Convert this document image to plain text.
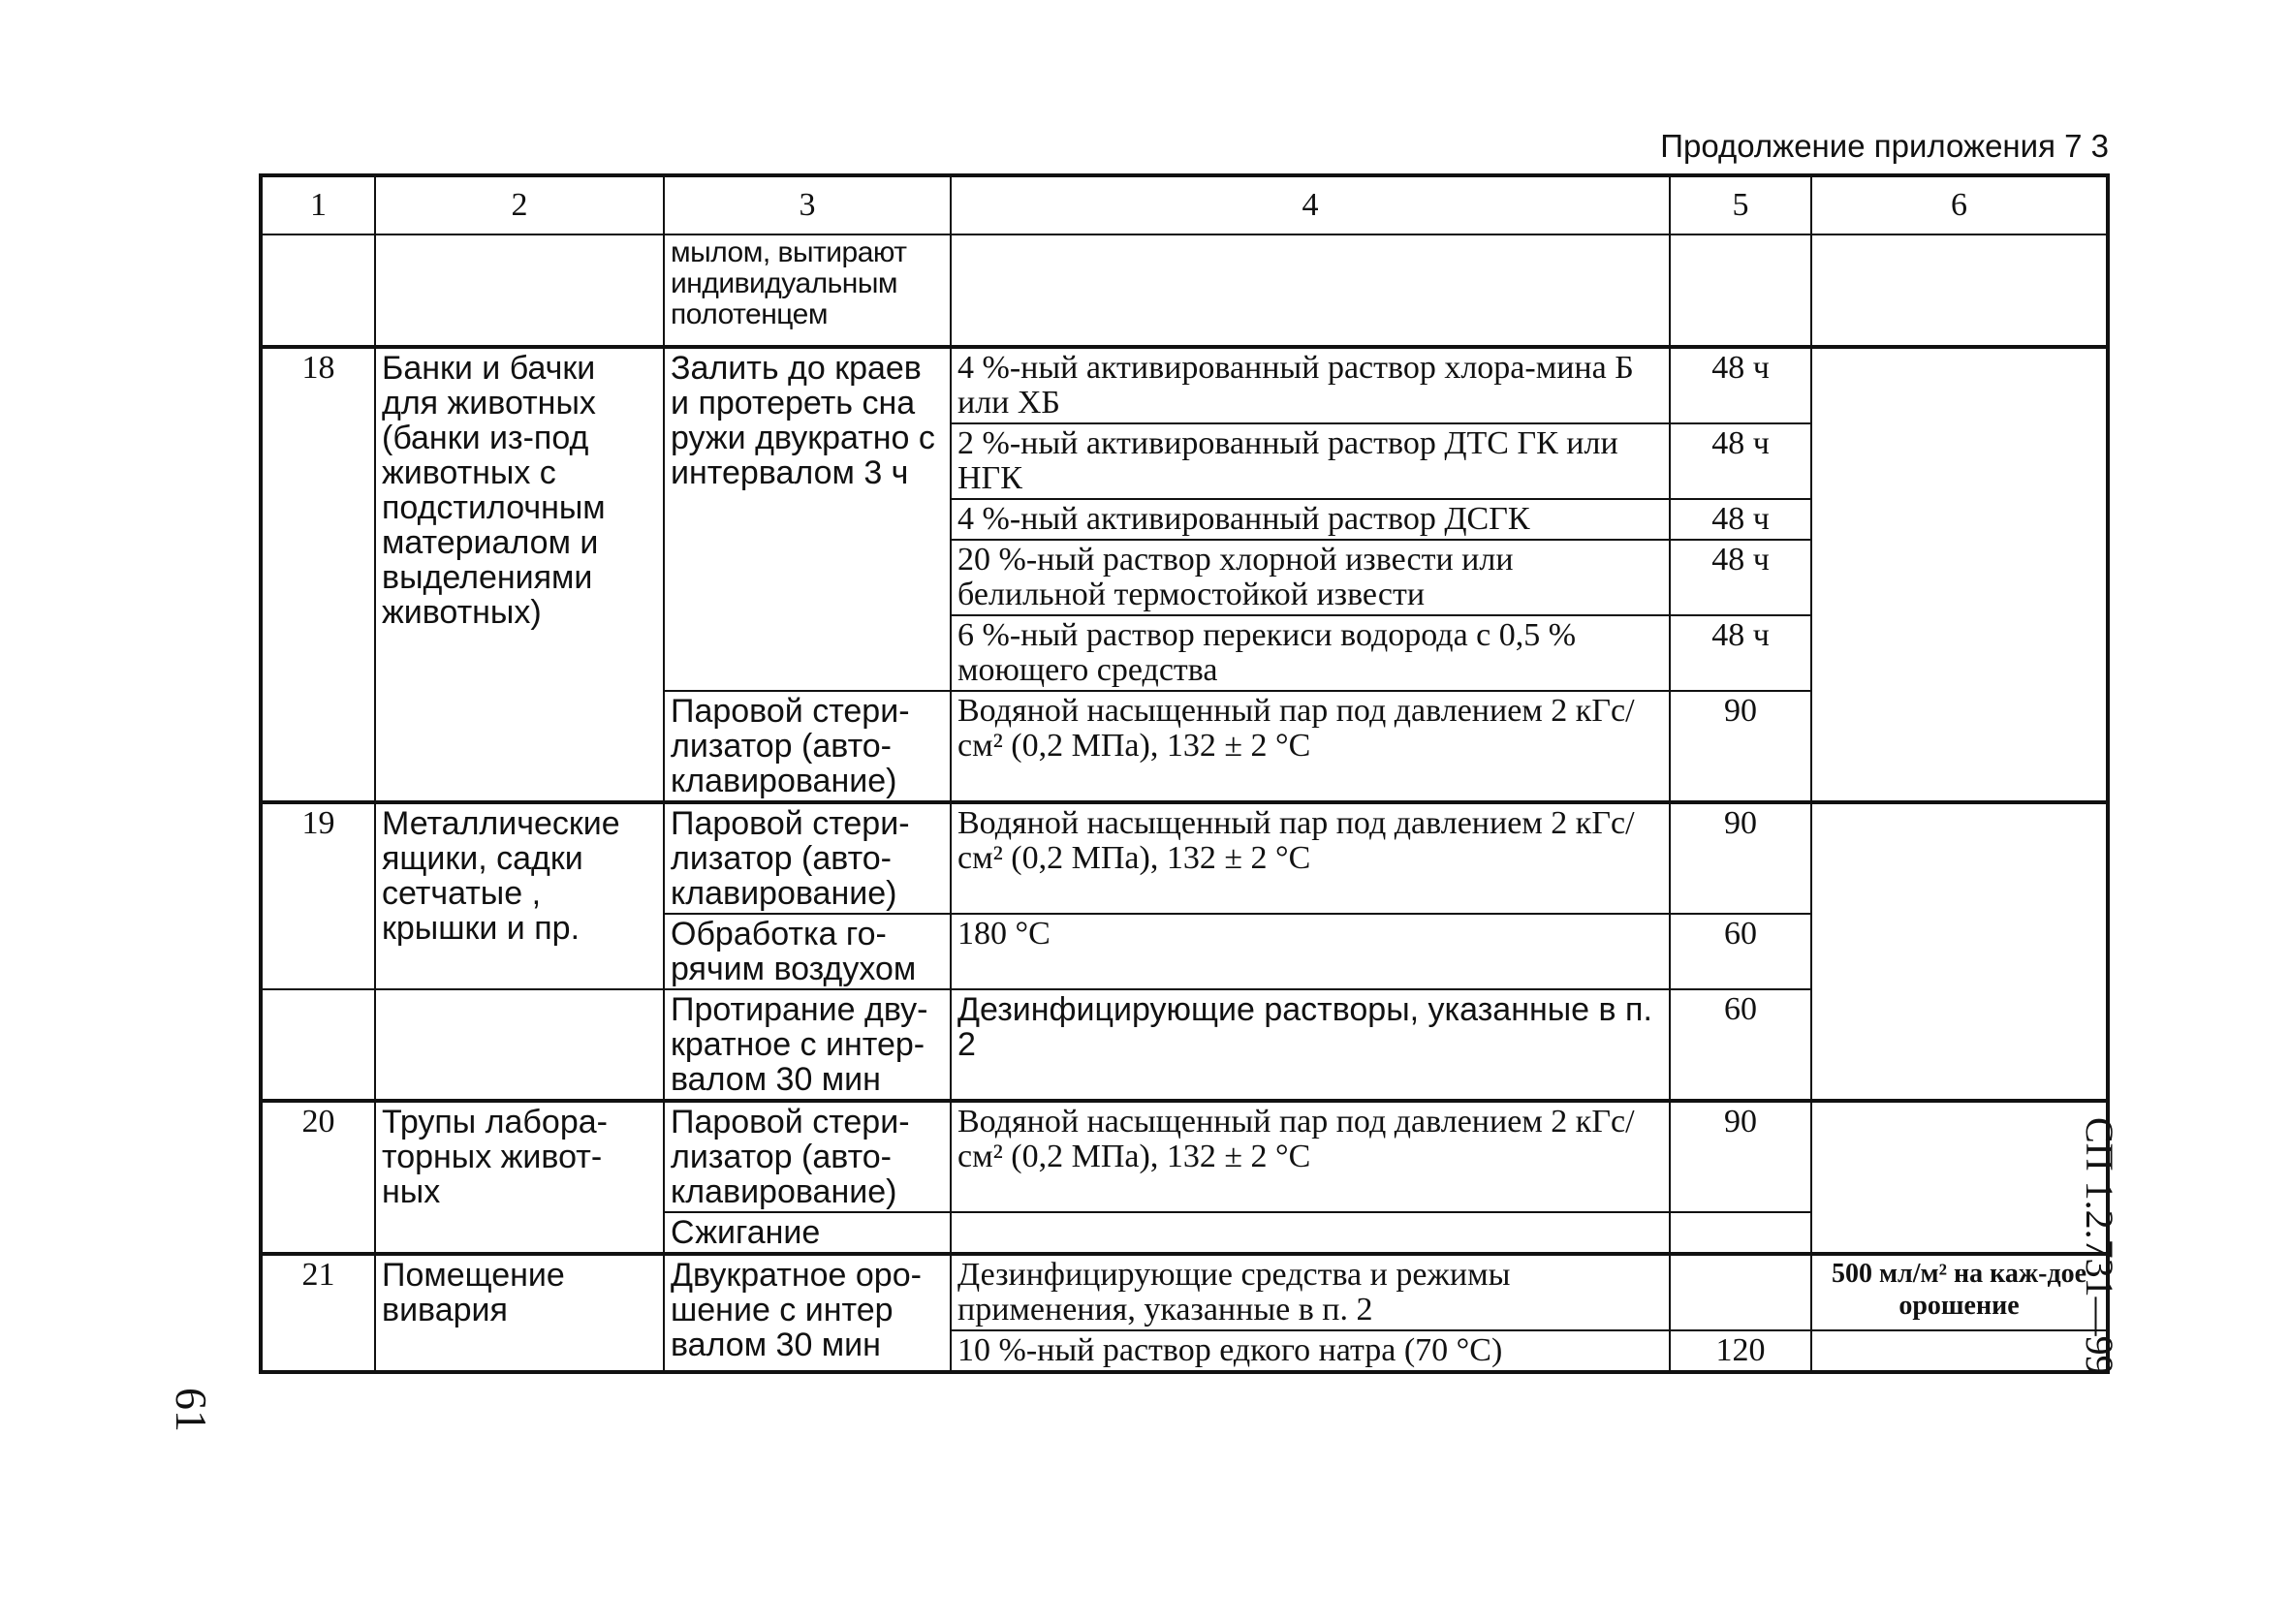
Продолжение приложения 7 3
СП 1.2.731—99
61
1	2	3	4	5	6
		мылом, вытирают индивидуальным полотенцем			
18	Банки и бачки для животных (банки из-под животных с подстилочным материалом и выделениями животных)	Залить до краев и протереть сна ружи двукратно с интервалом 3 ч	4 %-ный активированный раствор хлора-мина Б или ХБ	48 ч	
			2 %-ный активированный раствор ДТС ГК или НГК	48 ч	
			4 %-ный активированный раствор ДСГК	48 ч	
			20 %-ный раствор хлорной извести или белильной термостойкой извести	48 ч	
			6 %-ный раствор перекиси водорода с 0,5 % моющего средства	48 ч	
		Паровой стери-лизатор (авто-клавирование)	Водяной насыщенный пар под давлением 2 кГс/см² (0,2 МПа), 132 ± 2 °С	90	
19	Металлические ящики, садки сетчатые , крышки и пр.	Паровой стери-лизатор (авто-клавирование)	Водяной насыщенный пар под давлением 2 кГс/см² (0,2 МПа), 132 ± 2 °С	90	
		Обработка го-рячим воздухом	180 °С	60	
		Протирание дву-кратное с интер-валом 30 мин	Дезинфицирующие растворы, указанные в п. 2	60	
20	Трупы лабора-торных живот-ных	Паровой стери-лизатор (авто-клавирование)	Водяной насыщенный пар под давлением 2 кГс/см² (0,2 МПа), 132 ± 2 °С	90	
		Сжигание			
21	Помещение вивария	Двукратное оро-шение с интер валом 30 мин	Дезинфицирующие средства и режимы применения, указанные в п. 2		500 мл/м² на каж-дое орошение
			10 %-ный раствор едкого натра (70 °С)	120	
